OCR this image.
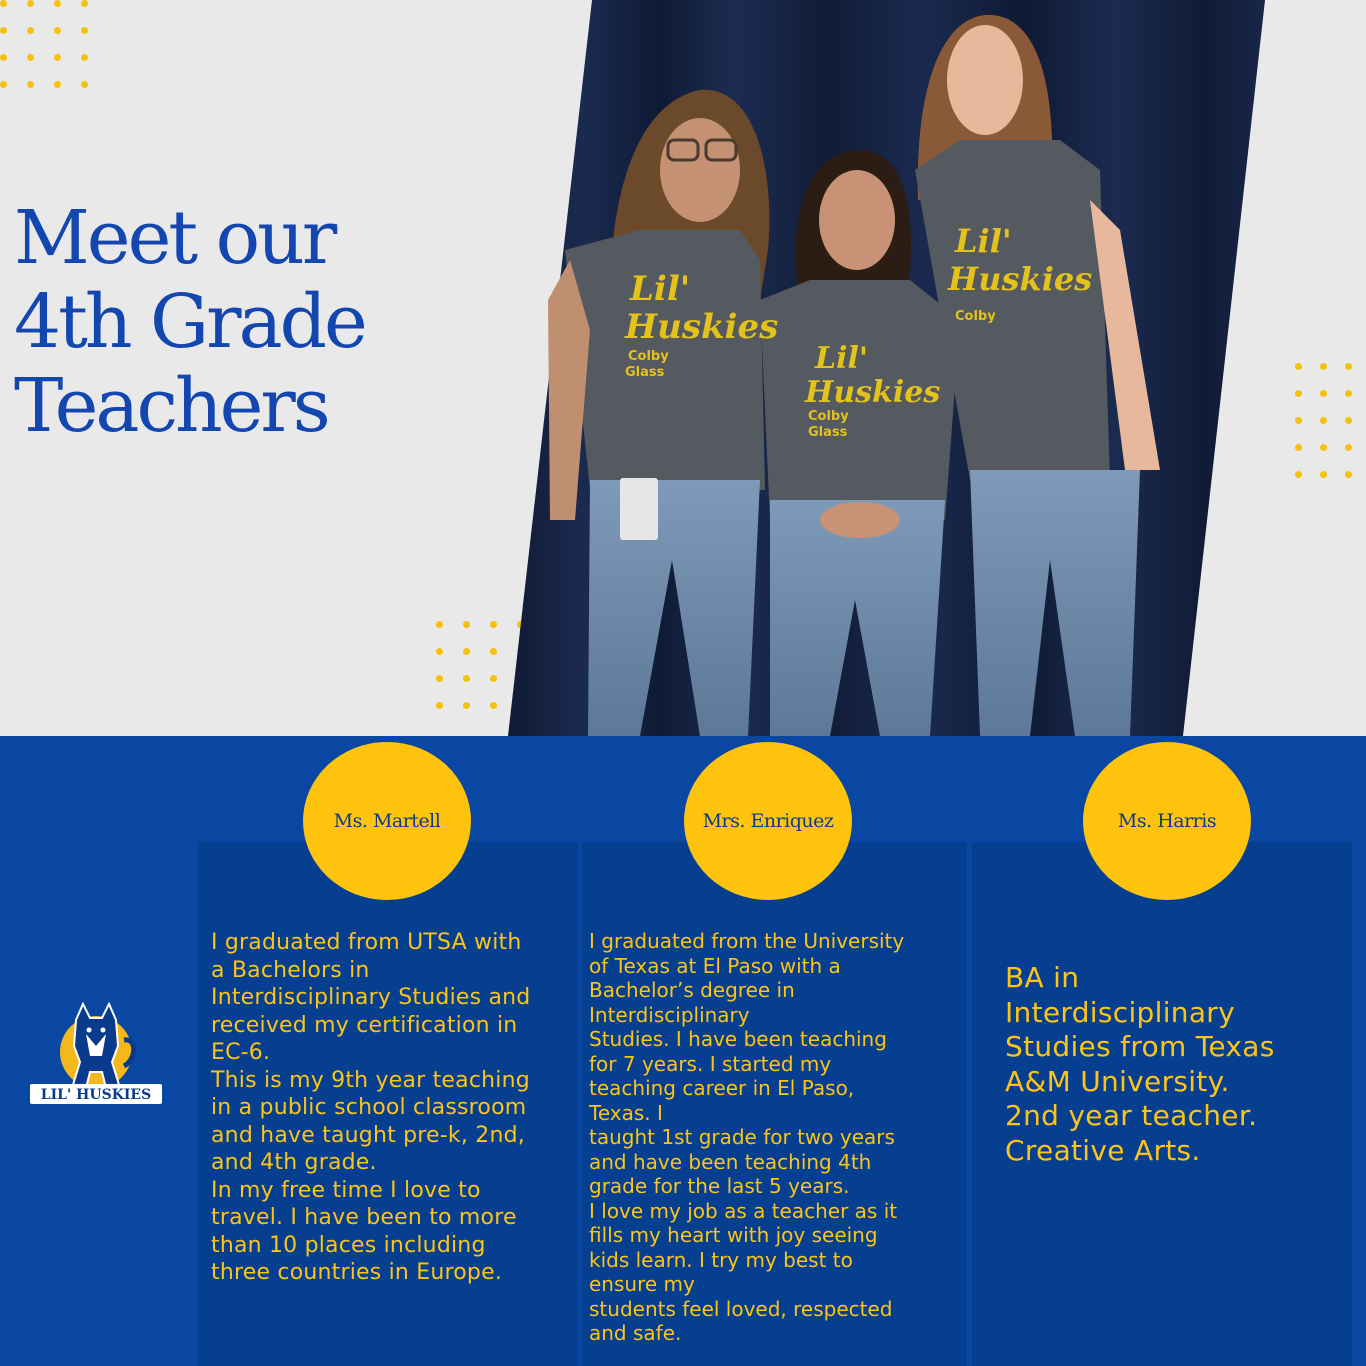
Meet our
4th Grade
Teachers
Lil'
Huskies
Lil'
Huskies
Lil'
Huskies
Colby
Glass
Colby
Glass
Colby
Ms. Martell	Mrs. Enriquez	Ms. Harris
I graduated from UTSA with
a Bachelors in
Interdisciplinary Studies and
received my certification in
EC-6.
This is my 9th year teaching
in a public school classroom
and have taught pre-k, 2nd,
and 4th grade.
In my free time I love to
travel. I have been to more
than 10 places including
three countries in Europe.
I graduated from the University
of Texas at El Paso with a
Bachelor’s degree in
Interdisciplinary
Studies. I have been teaching
for 7 years. I started my
teaching career in El Paso,
Texas. I
taught 1st grade for two years
and have been teaching 4th
grade for the last 5 years.
I love my job as a teacher as it
fills my heart with joy seeing
kids learn. I try my best to
ensure my
students feel loved, respected
and safe.
BA in
Interdisciplinary
Studies from Texas
A&M University.
2nd year teacher.
Creative Arts.
LIL' HUSKIES
